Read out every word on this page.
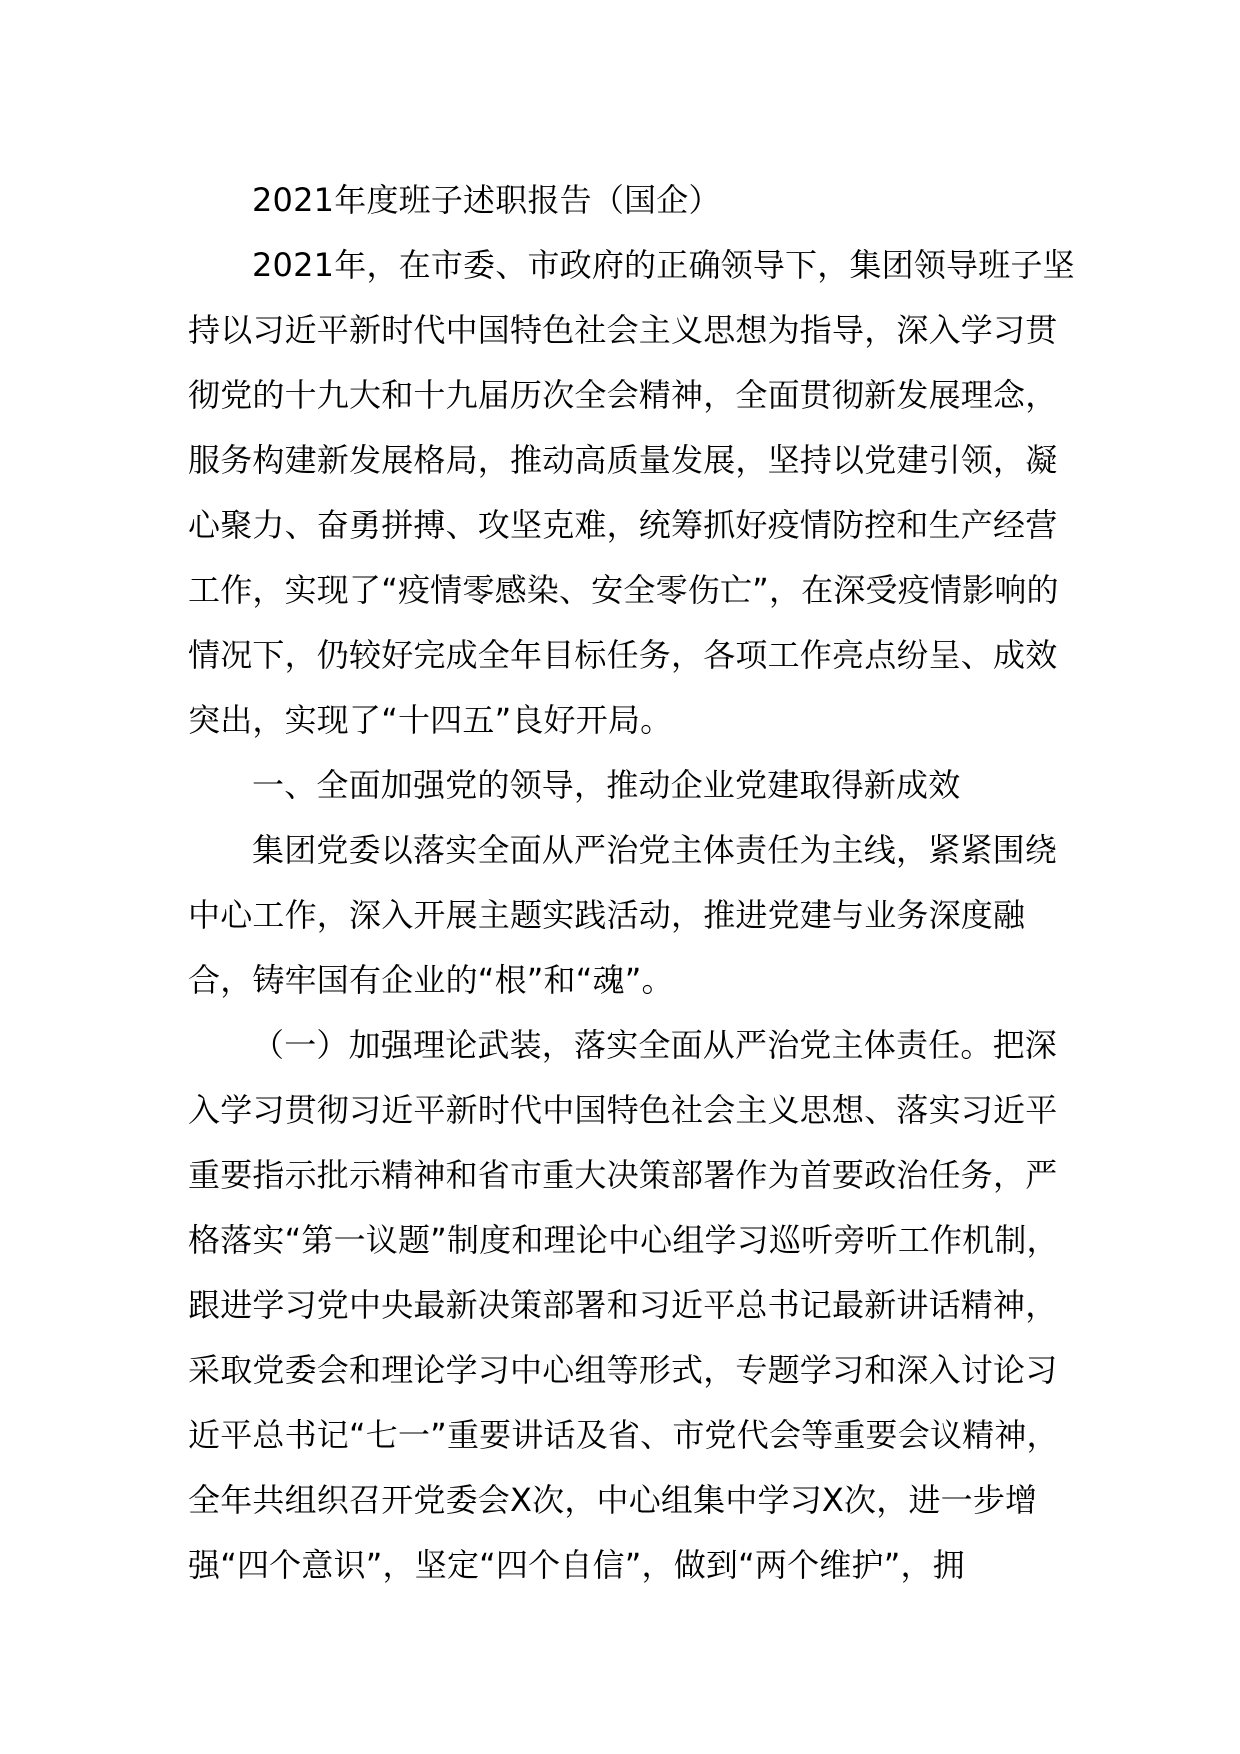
2021年度班子述职报告（国企）

2021年，在市委、市政府的正确领导下，集团领导班子坚持以习近平新时代中国特色社会主义思想为指导，深入学习贯彻党的十九大和十九届历次全会精神，全面贯彻新发展理念，服务构建新发展格局，推动高质量发展，坚持以党建引领，凝心聚力、奋勇拼搏、攻坚克难，统筹抓好疫情防控和生产经营工作，实现了“疫情零感染、安全零伤亡”，在深受疫情影响的情况下，仍较好完成全年目标任务，各项工作亮点纷呈、成效突出，实现了“十四五”良好开局。

一、全面加强党的领导，推动企业党建取得新成效

集团党委以落实全面从严治党主体责任为主线，紧紧围绕中心工作，深入开展主题实践活动，推进党建与业务深度融合，铸牢国有企业的“根”和“魂”。

（一）加强理论武装，落实全面从严治党主体责任。把深入学习贯彻习近平新时代中国特色社会主义思想、落实习近平重要指示批示精神和省市重大决策部署作为首要政治任务，严格落实“第一议题”制度和理论中心组学习巡听旁听工作机制，跟进学习党中央最新决策部署和习近平总书记最新讲话精神，采取党委会和理论学习中心组等形式，专题学习和深入讨论习近平总书记“七一”重要讲话及省、市党代会等重要会议精神，全年共组织召开党委会X次，中心组集中学习X次，进一步增强“四个意识”，坚定“四个自信”，做到“两个维护”，拥
